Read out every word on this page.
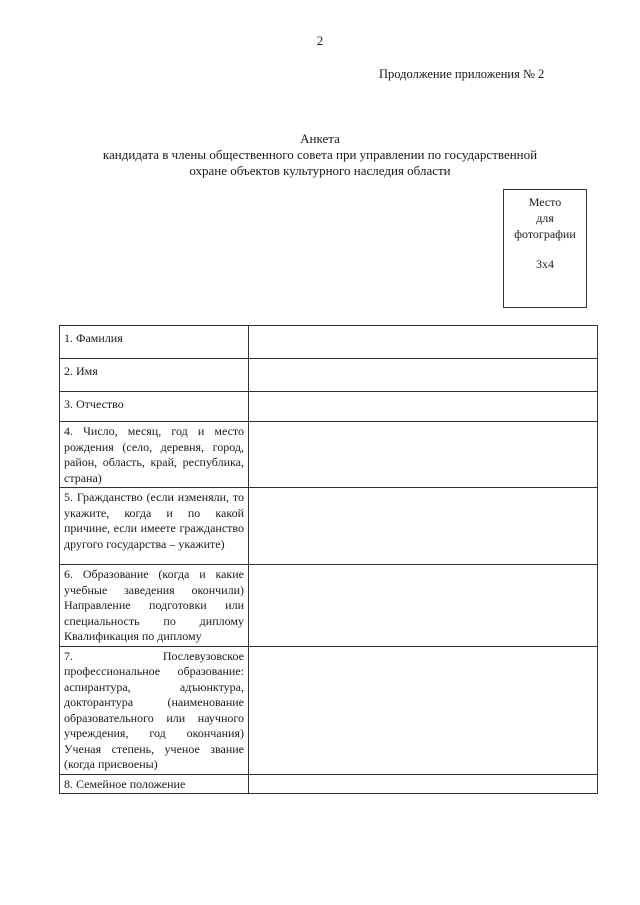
2
Продолжение приложения № 2
Анкета
кандидата в члены общественного совета при управлении по государственной
охране объектов культурного наследия области
Место
для
фотографии
3x4
1. Фамилия	

2. Имя	

3. Отчество	

4. Число, месяц, год и место рождения (село, деревня, город, район, область, край, республика, страна)	
5. Гражданство (если изменяли, то укажите, когда и по какой причине, если имеете гражданство другого государства – укажите)	
6. Образование (когда и какие учебные заведения окончили) Направление подготовки или специальность по диплому Квалификация по диплому	
7. Послевузовское профессиональное образование: аспирантура, адъюнктура, докторантура (наименование образовательного или научного учреждения, год окончания) Ученая степень, ученое звание (когда присвоены)	
8. Семейное положение	
